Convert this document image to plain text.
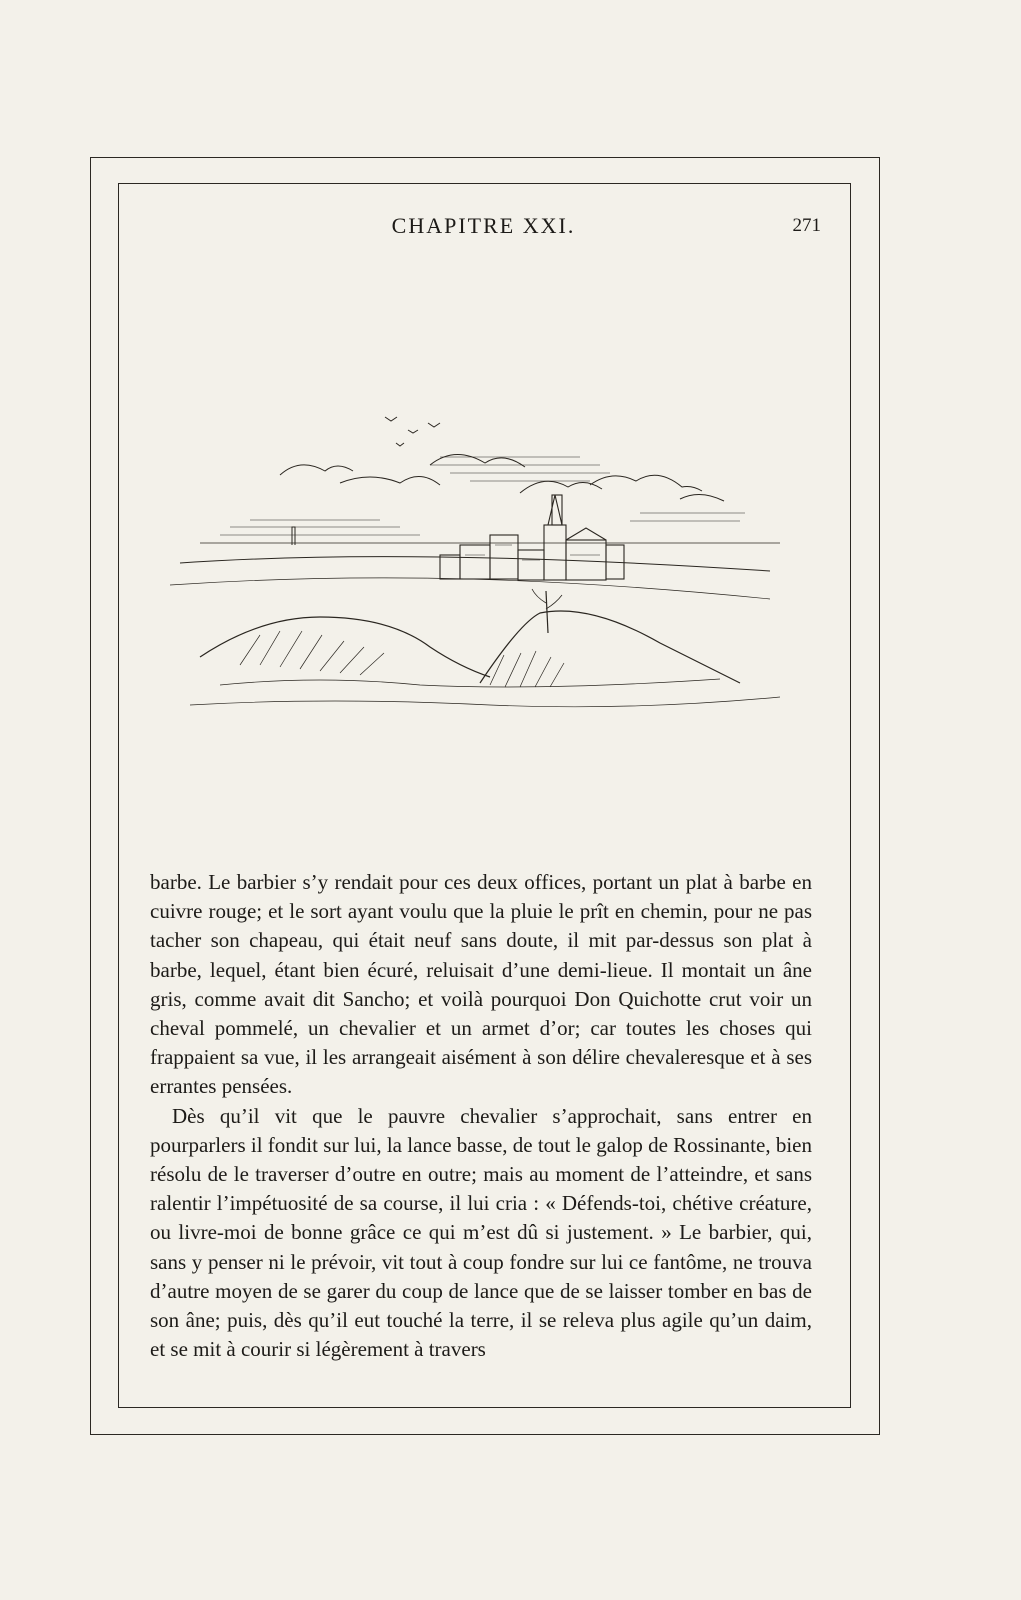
CHAPITRE XXI.	271

barbe. Le barbier s’y rendait pour ces deux offices, portant un plat à barbe en cuivre rouge; et le sort ayant voulu que la pluie le prît en chemin, pour ne pas tacher son chapeau, qui était neuf sans doute, il mit par-dessus son plat à barbe, lequel, étant bien écuré, reluisait d’une demi-lieue. Il montait un âne gris, comme avait dit Sancho; et voilà pourquoi Don Quichotte crut voir un cheval pommelé, un chevalier et un armet d’or; car toutes les choses qui frappaient sa vue, il les arrangeait aisément à son délire chevaleresque et à ses errantes pensées.

Dès qu’il vit que le pauvre chevalier s’approchait, sans entrer en pourparlers il fondit sur lui, la lance basse, de tout le galop de Rossinante, bien résolu de le traverser d’outre en outre; mais au moment de l’atteindre, et sans ralentir l’impétuosité de sa course, il lui cria : « Défends-toi, chétive créature, ou livre-moi de bonne grâce ce qui m’est dû si justement. » Le barbier, qui, sans y penser ni le prévoir, vit tout à coup fondre sur lui ce fantôme, ne trouva d’autre moyen de se garer du coup de lance que de se laisser tomber en bas de son âne; puis, dès qu’il eut touché la terre, il se releva plus agile qu’un daim, et se mit à courir si légèrement à travers
